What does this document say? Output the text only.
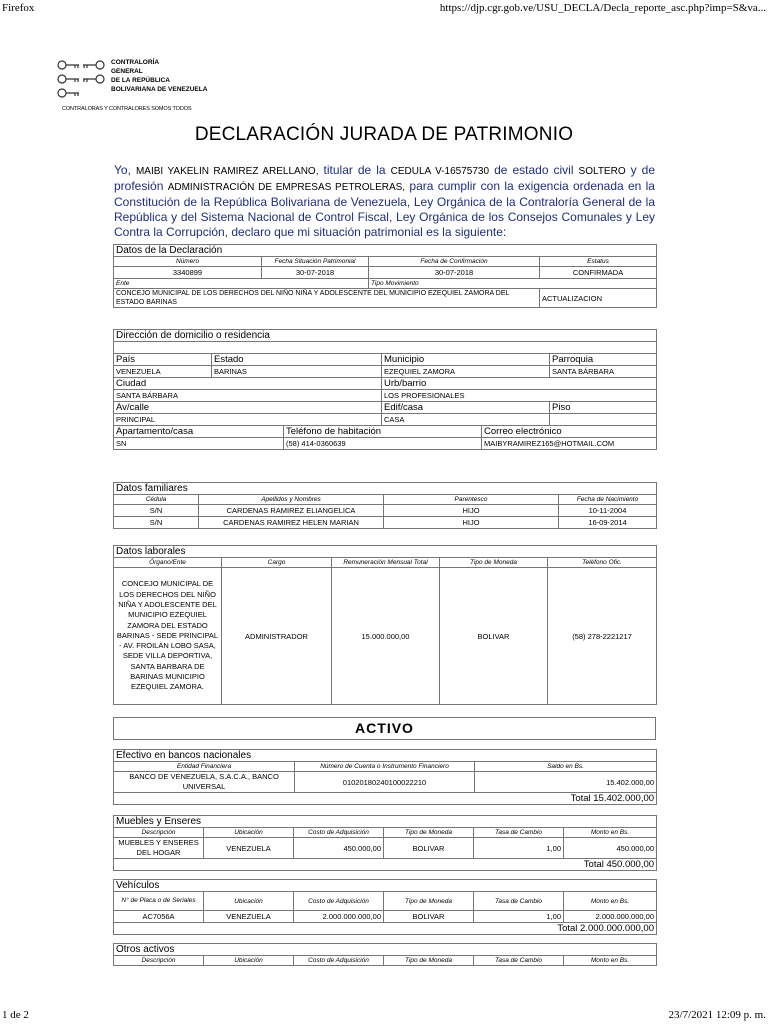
Firefox	https://djp.cgr.gob.ve/USU_DECLA/Decla_reporte_asc.php?imp=S&va...
CONTRALORÍA
GENERAL
DE LA REPÚBLICA
BOLIVARIANA DE VENEZUELA
CONTRALORAS Y CONTRALORES SOMOS TODOS
DECLARACIÓN JURADA DE PATRIMONIO
Yo, MAIBI YAKELIN RAMIREZ ARELLANO, titular de la CEDULA V-16575730 de estado civil SOLTERO y de profesión ADMINISTRACIÓN DE EMPRESAS PETROLERAS, para cumplir con la exigencia ordenada en la Constitución de la República Bolivariana de Venezuela, Ley Orgánica de la Contraloría General de la República y del Sistema Nacional de Control Fiscal, Ley Orgánica de los Consejos Comunales y Ley Contra la Corrupción, declaro que mi situación patrimonial es la siguiente:
Datos de la Declaración			
Número	Fecha Situación Patrimonial	Fecha de Confirmación	Estatus
3340899	30-07-2018	30-07-2018	CONFIRMADA
Ente		Tipo Movimiento	
CONCEJO MUNICIPAL DE LOS DERECHOS DEL NIÑO NIÑA Y ADOLESCENTE DEL MUNICIPIO EZEQUIEL ZAMORA DEL ESTADO BARINAS			ACTUALIZACION
Dirección de domicilio o residencia					

País	Estado		Municipio		Parroquia
VENEZUELA	BARINAS		EZEQUIEL ZAMORA		SANTA BÁRBARA
Ciudad			Urb/barrio		
SANTA BÁRBARA			LOS PROFESIONALES		
Av/calle			Edif/casa		Piso
PRINCIPAL			CASA		
Apartamento/casa		Teléfono de habitación		Correo electrónico	
SN		(58) 414-0360639		MAIBYRAMIREZ165@HOTMAIL.COM	
Datos familiares			
Cédula	Apellidos y Nombres	Parentesco	Fecha de Nacimiento
S/N	CARDENAS RAMIREZ ELIANGELICA	HIJO	10-11-2004
S/N	CARDENAS RAMIREZ HELEN MARIAN	HIJO	16-09-2014
Datos laborales				
Órgano/Ente	Cargo	Remuneración Mensual Total	Tipo de Moneda	Teléfono Ofic.
CONCEJO MUNICIPAL DE LOS DERECHOS DEL NIÑO NIÑA Y ADOLESCENTE DEL MUNICIPIO EZEQUIEL ZAMORA DEL ESTADO BARINAS - SEDE PRINCIPAL - AV. FROILAN LOBO SASA, SEDE VILLA DEPORTIVA, SANTA BARBARA DE BARINAS MUNICIPIO EZEQUIEL ZAMORA.	ADMINISTRADOR	15.000.000,00	BOLIVAR	(58) 278-2221217
ACTIVO
Efectivo en bancos nacionales		
Entidad Financiera	Número de Cuenta o Instrumento Financiero	Saldo en Bs.
BANCO DE VENEZUELA, S.A.C.A., BANCO UNIVERSAL	01020180240100022210	15.402.000,00
Total 15.402.000,00		
Muebles y Enseres					
Descripción	Ubicación	Costo de Adquisición	Tipo de Moneda	Tasa de Cambio	Monto en Bs.
MUEBLES Y ENSERES DEL HOGAR	VENEZUELA	450.000,00	BOLIVAR	1,00	450.000,00
Total 450.000,00					
Vehículos					
N° de Placa o de Seriales	Ubicación	Costo de Adquisición	Tipo de Moneda	Tasa de Cambio	Monto en Bs.
AC7056A	VENEZUELA	2.000.000.000,00	BOLIVAR	1,00	2.000.000.000,00
Total 2.000.000.000,00					
Otros activos
Descripción	Ubicación	Costo de Adquisición	Tipo de Moneda	Tasa de Cambio	Monto en Bs.
1 de 2	23/7/2021 12:09 p. m.
